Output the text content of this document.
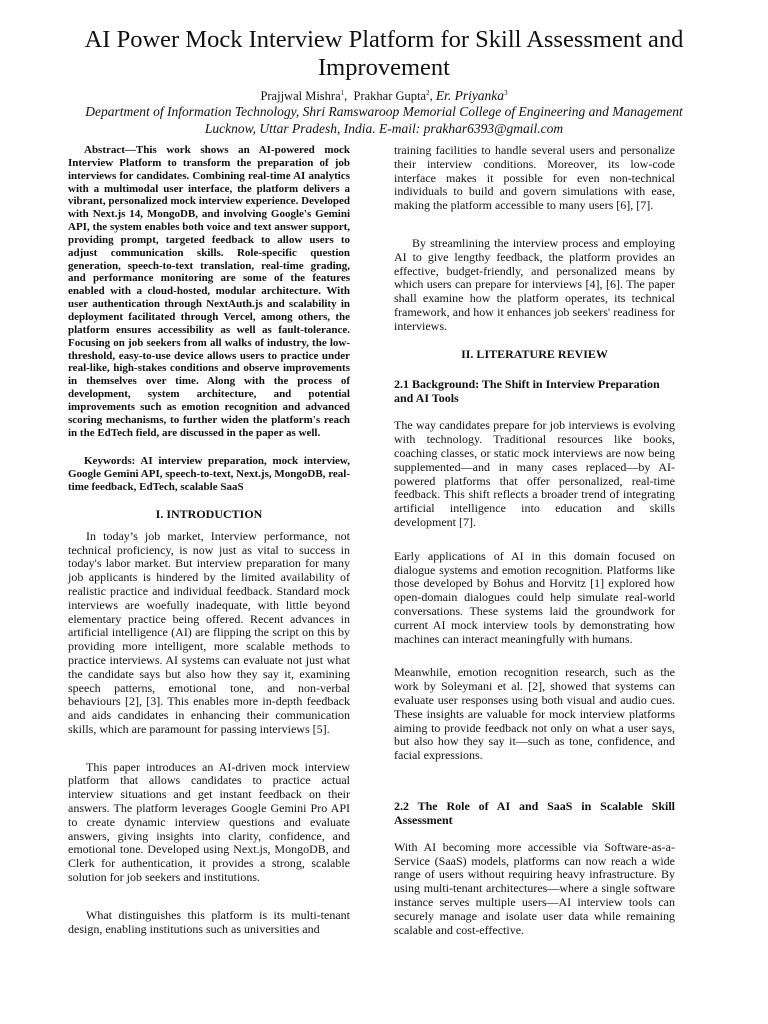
AI Power Mock Interview Platform for Skill Assessment and Improvement
Prajjwal Mishra$^1$,  Prakhar Gupta$^2$, Er. Priyanka$^3$
Department of Information Technology, Shri Ramswaroop Memorial College of Engineering and Management
Lucknow, Uttar Pradesh, India. E-mail: prakhar6393@gmail.com

Abstract—This work shows an AI-powered mock Interview Platform to transform the preparation of job interviews for candidates. Combining real-time AI analytics with a multimodal user interface, the platform delivers a vibrant, personalized mock interview experience. Developed with Next.js 14, MongoDB, and involving Google's Gemini API, the system enables both voice and text answer support, providing prompt, targeted feedback to allow users to adjust communication skills. Role-specific question generation, speech-to-text translation, real-time grading, and performance monitoring are some of the features enabled with a cloud-hosted, modular architecture. With user authentication through NextAuth.js and scalability in deployment facilitated through Vercel, among others, the platform ensures accessibility as well as fault-tolerance. Focusing on job seekers from all walks of industry, the low-threshold, easy-to-use device allows users to practice under real-like, high-stakes conditions and observe improvements in themselves over time. Along with the process of development, system architecture, and potential improvements such as emotion recognition and advanced scoring mechanisms, to further widen the platform's reach in the EdTech field, are discussed in the paper as well.

Keywords: AI interview preparation, mock interview, Google Gemini API, speech-to-text, Next.js, MongoDB, real-time feedback, EdTech, scalable SaaS

I. INTRODUCTION

In today’s job market, Interview performance, not technical proficiency, is now just as vital to success in today's labor market. But interview preparation for many job applicants is hindered by the limited availability of realistic practice and individual feedback. Standard mock interviews are woefully inadequate, with little beyond elementary practice being offered. Recent advances in artificial intelligence (AI) are flipping the script on this by providing more intelligent, more scalable methods to practice interviews. AI systems can evaluate not just what the candidate says but also how they say it, examining speech patterns, emotional tone, and non-verbal behaviours [2], [3]. This enables more in-depth feedback and aids candidates in enhancing their communication skills, which are paramount for passing interviews [5].

This paper introduces an AI-driven mock interview platform that allows candidates to practice actual interview situations and get instant feedback on their answers. The platform leverages Google Gemini Pro API to create dynamic interview questions and evaluate answers, giving insights into clarity, confidence, and emotional tone. Developed using Next.js, MongoDB, and Clerk for authentication, it provides a strong, scalable solution for job seekers and institutions.

What distinguishes this platform is its multi-tenant design, enabling institutions such as universities and

training facilities to handle several users and personalize their interview conditions. Moreover, its low-code interface makes it possible for even non-technical individuals to build and govern simulations with ease, making the platform accessible to many users [6], [7].

By streamlining the interview process and employing AI to give lengthy feedback, the platform provides an effective, budget-friendly, and personalized means by which users can prepare for interviews [4], [6]. The paper shall examine how the platform operates, its technical framework, and how it enhances job seekers' readiness for interviews.

II. LITERATURE REVIEW
2.1 Background: The Shift in Interview Preparation and AI Tools

The way candidates prepare for job interviews is evolving with technology. Traditional resources like books, coaching classes, or static mock interviews are now being supplemented—and in many cases replaced—by AI-powered platforms that offer personalized, real-time feedback. This shift reflects a broader trend of integrating artificial intelligence into education and skills development [7].

Early applications of AI in this domain focused on dialogue systems and emotion recognition. Platforms like those developed by Bohus and Horvitz [1] explored how open-domain dialogues could help simulate real-world conversations. These systems laid the groundwork for current AI mock interview tools by demonstrating how machines can interact meaningfully with humans.

Meanwhile, emotion recognition research, such as the work by Soleymani et al. [2], showed that systems can evaluate user responses using both visual and audio cues. These insights are valuable for mock interview platforms aiming to provide feedback not only on what a user says, but also how they say it—such as tone, confidence, and facial expressions.

2.2 The Role of AI and SaaS in Scalable Skill Assessment

With AI becoming more accessible via Software-as-a-Service (SaaS) models, platforms can now reach a wide range of users without requiring heavy infrastructure. By using multi-tenant architectures—where a single software instance serves multiple users—AI interview tools can securely manage and isolate user data while remaining scalable and cost-effective.
